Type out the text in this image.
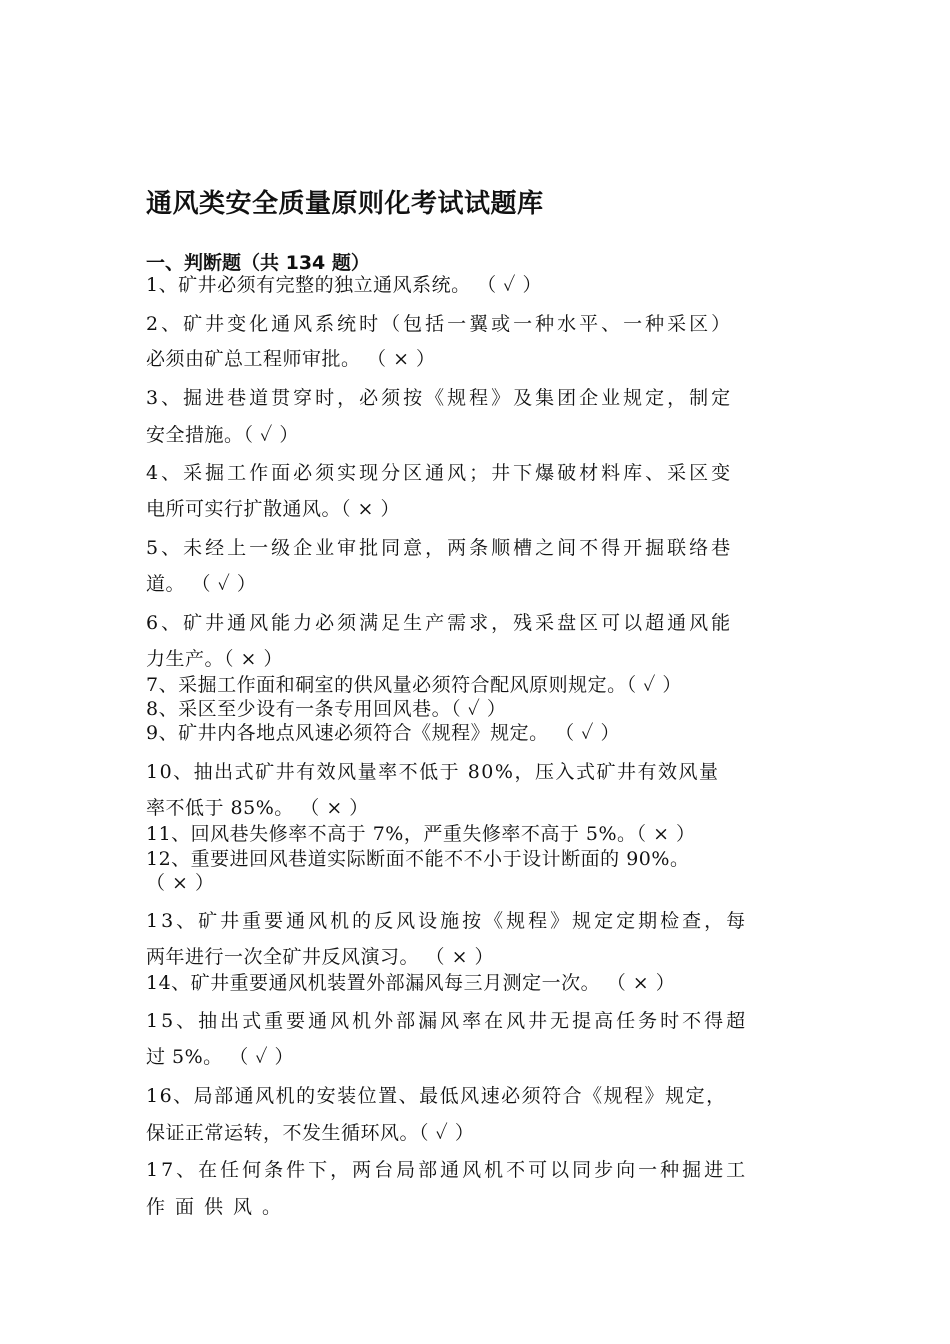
通风类安全质量原则化考试试题库
一、判断题（共 134 题）
1、矿井必须有完整的独立通风系统。 （ ✓ ）
2、矿井变化通风系统时（包括一翼或一种水平、一种采区）
必须由矿总工程师审批。 （ × ）
3、掘进巷道贯穿时，必须按《规程》及集团企业规定，制定
安全措施。（ ✓ ）
4、采掘工作面必须实现分区通风；井下爆破材料库、采区变
电所可实行扩散通风。（ × ）
5、未经上一级企业审批同意，两条顺槽之间不得开掘联络巷
道。 （ ✓ ）
6、矿井通风能力必须满足生产需求，残采盘区可以超通风能
力生产。（ × ）
7、采掘工作面和硐室的供风量必须符合配风原则规定。（ ✓ ）
8、采区至少设有一条专用回风巷。（ ✓ ）
9、矿井内各地点风速必须符合《规程》规定。 （ ✓ ）
10、抽出式矿井有效风量率不低于 80%，压入式矿井有效风量
率不低于 85%。 （ × ）
11、回风巷失修率不高于 7%，严重失修率不高于 5%。（ × ）
12、重要进回风巷道实际断面不能不不小于设计断面的 90%。
（ × ）
13、矿井重要通风机的反风设施按《规程》规定定期检查，每
两年进行一次全矿井反风演习。 （ × ）
14、矿井重要通风机装置外部漏风每三月测定一次。 （ × ）
15、抽出式重要通风机外部漏风率在风井无提高任务时不得超
过 5%。 （ ✓ ）
16、局部通风机的安装位置、最低风速必须符合《规程》规定，
保证正常运转，不发生循环风。（ ✓ ）
17、在任何条件下，两台局部通风机不可以同步向一种掘进工
作面供风。
